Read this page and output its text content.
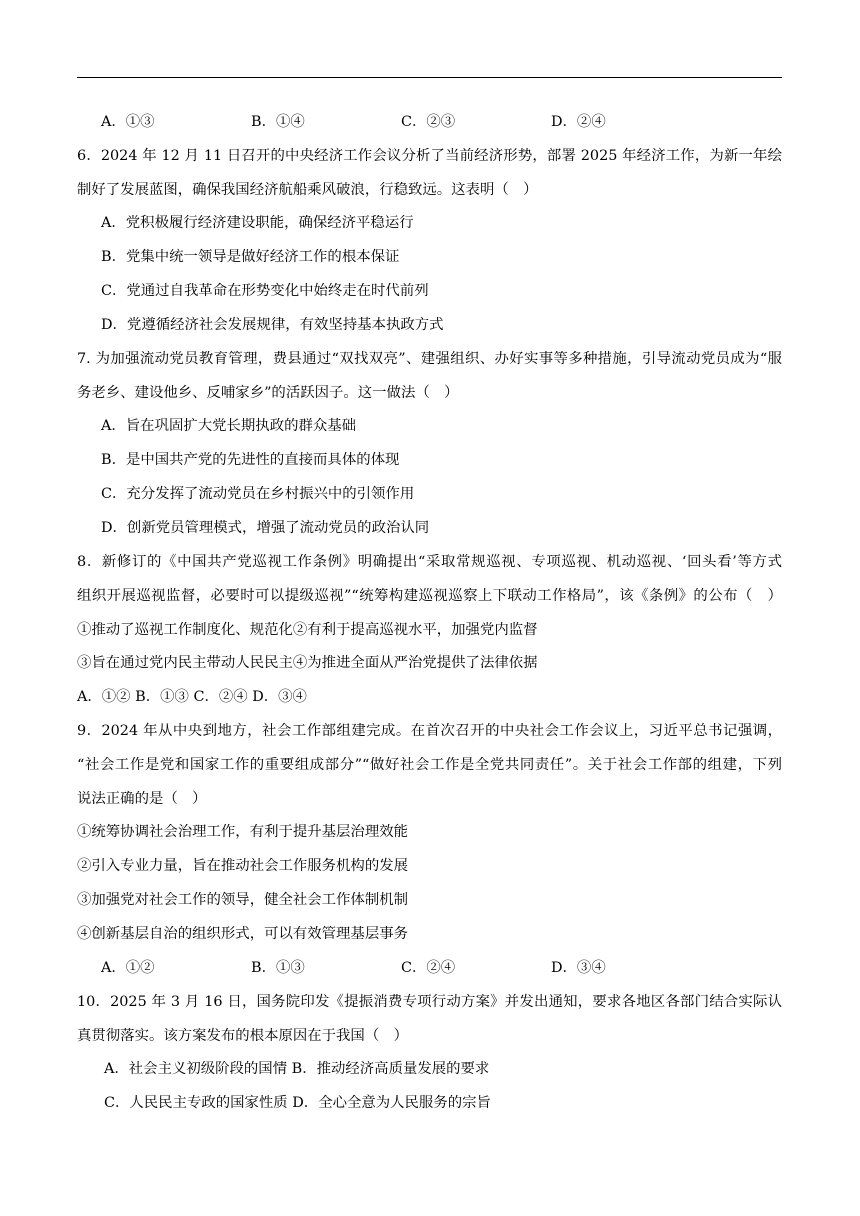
A．①③	B．①④	C．②③	D．②④
6．2024 年 12 月 11 日召开的中央经济工作会议分析了当前经济形势，部署 2025 年经济工作，为新一年绘
制好了发展蓝图，确保我国经济航船乘风破浪，行稳致远。这表明（　）
A．党积极履行经济建设职能，确保经济平稳运行
B．党集中统一领导是做好经济工作的根本保证
C．党通过自我革命在形势变化中始终走在时代前列
D．党遵循经济社会发展规律，有效坚持基本执政方式
7. 为加强流动党员教育管理，费县通过“双找双亮”、建强组织、办好实事等多种措施，引导流动党员成为“服
务老乡、建设他乡、反哺家乡”的活跃因子。这一做法（　）
A．旨在巩固扩大党长期执政的群众基础
B．是中国共产党的先进性的直接而具体的体现
C．充分发挥了流动党员在乡村振兴中的引领作用
D．创新党员管理模式，增强了流动党员的政治认同
8．新修订的《中国共产党巡视工作条例》明确提出“采取常规巡视、专项巡视、机动巡视、‘回头看’等方式
组织开展巡视监督，必要时可以提级巡视”“统筹构建巡视巡察上下联动工作格局”，该《条例》的公布（　）
①推动了巡视工作制度化、规范化②有利于提高巡视水平，加强党内监督
③旨在通过党内民主带动人民民主④为推进全面从严治党提供了法律依据
A．①② B．①③ C．②④ D．③④
9．2024 年从中央到地方，社会工作部组建完成。在首次召开的中央社会工作会议上，习近平总书记强调，
“社会工作是党和国家工作的重要组成部分”“做好社会工作是全党共同责任”。关于社会工作部的组建，下列
说法正确的是（　）
①统筹协调社会治理工作，有利于提升基层治理效能
②引入专业力量，旨在推动社会工作服务机构的发展
③加强党对社会工作的领导，健全社会工作体制机制
④创新基层自治的组织形式，可以有效管理基层事务
A．①②	B．①③	C．②④	D．③④
10．2025 年 3 月 16 日，国务院印发《提振消费专项行动方案》并发出通知，要求各地区各部门结合实际认
真贯彻落实。该方案发布的根本原因在于我国（　）
A．社会主义初级阶段的国情 B．推动经济高质量发展的要求
C．人民民主专政的国家性质 D．全心全意为人民服务的宗旨
